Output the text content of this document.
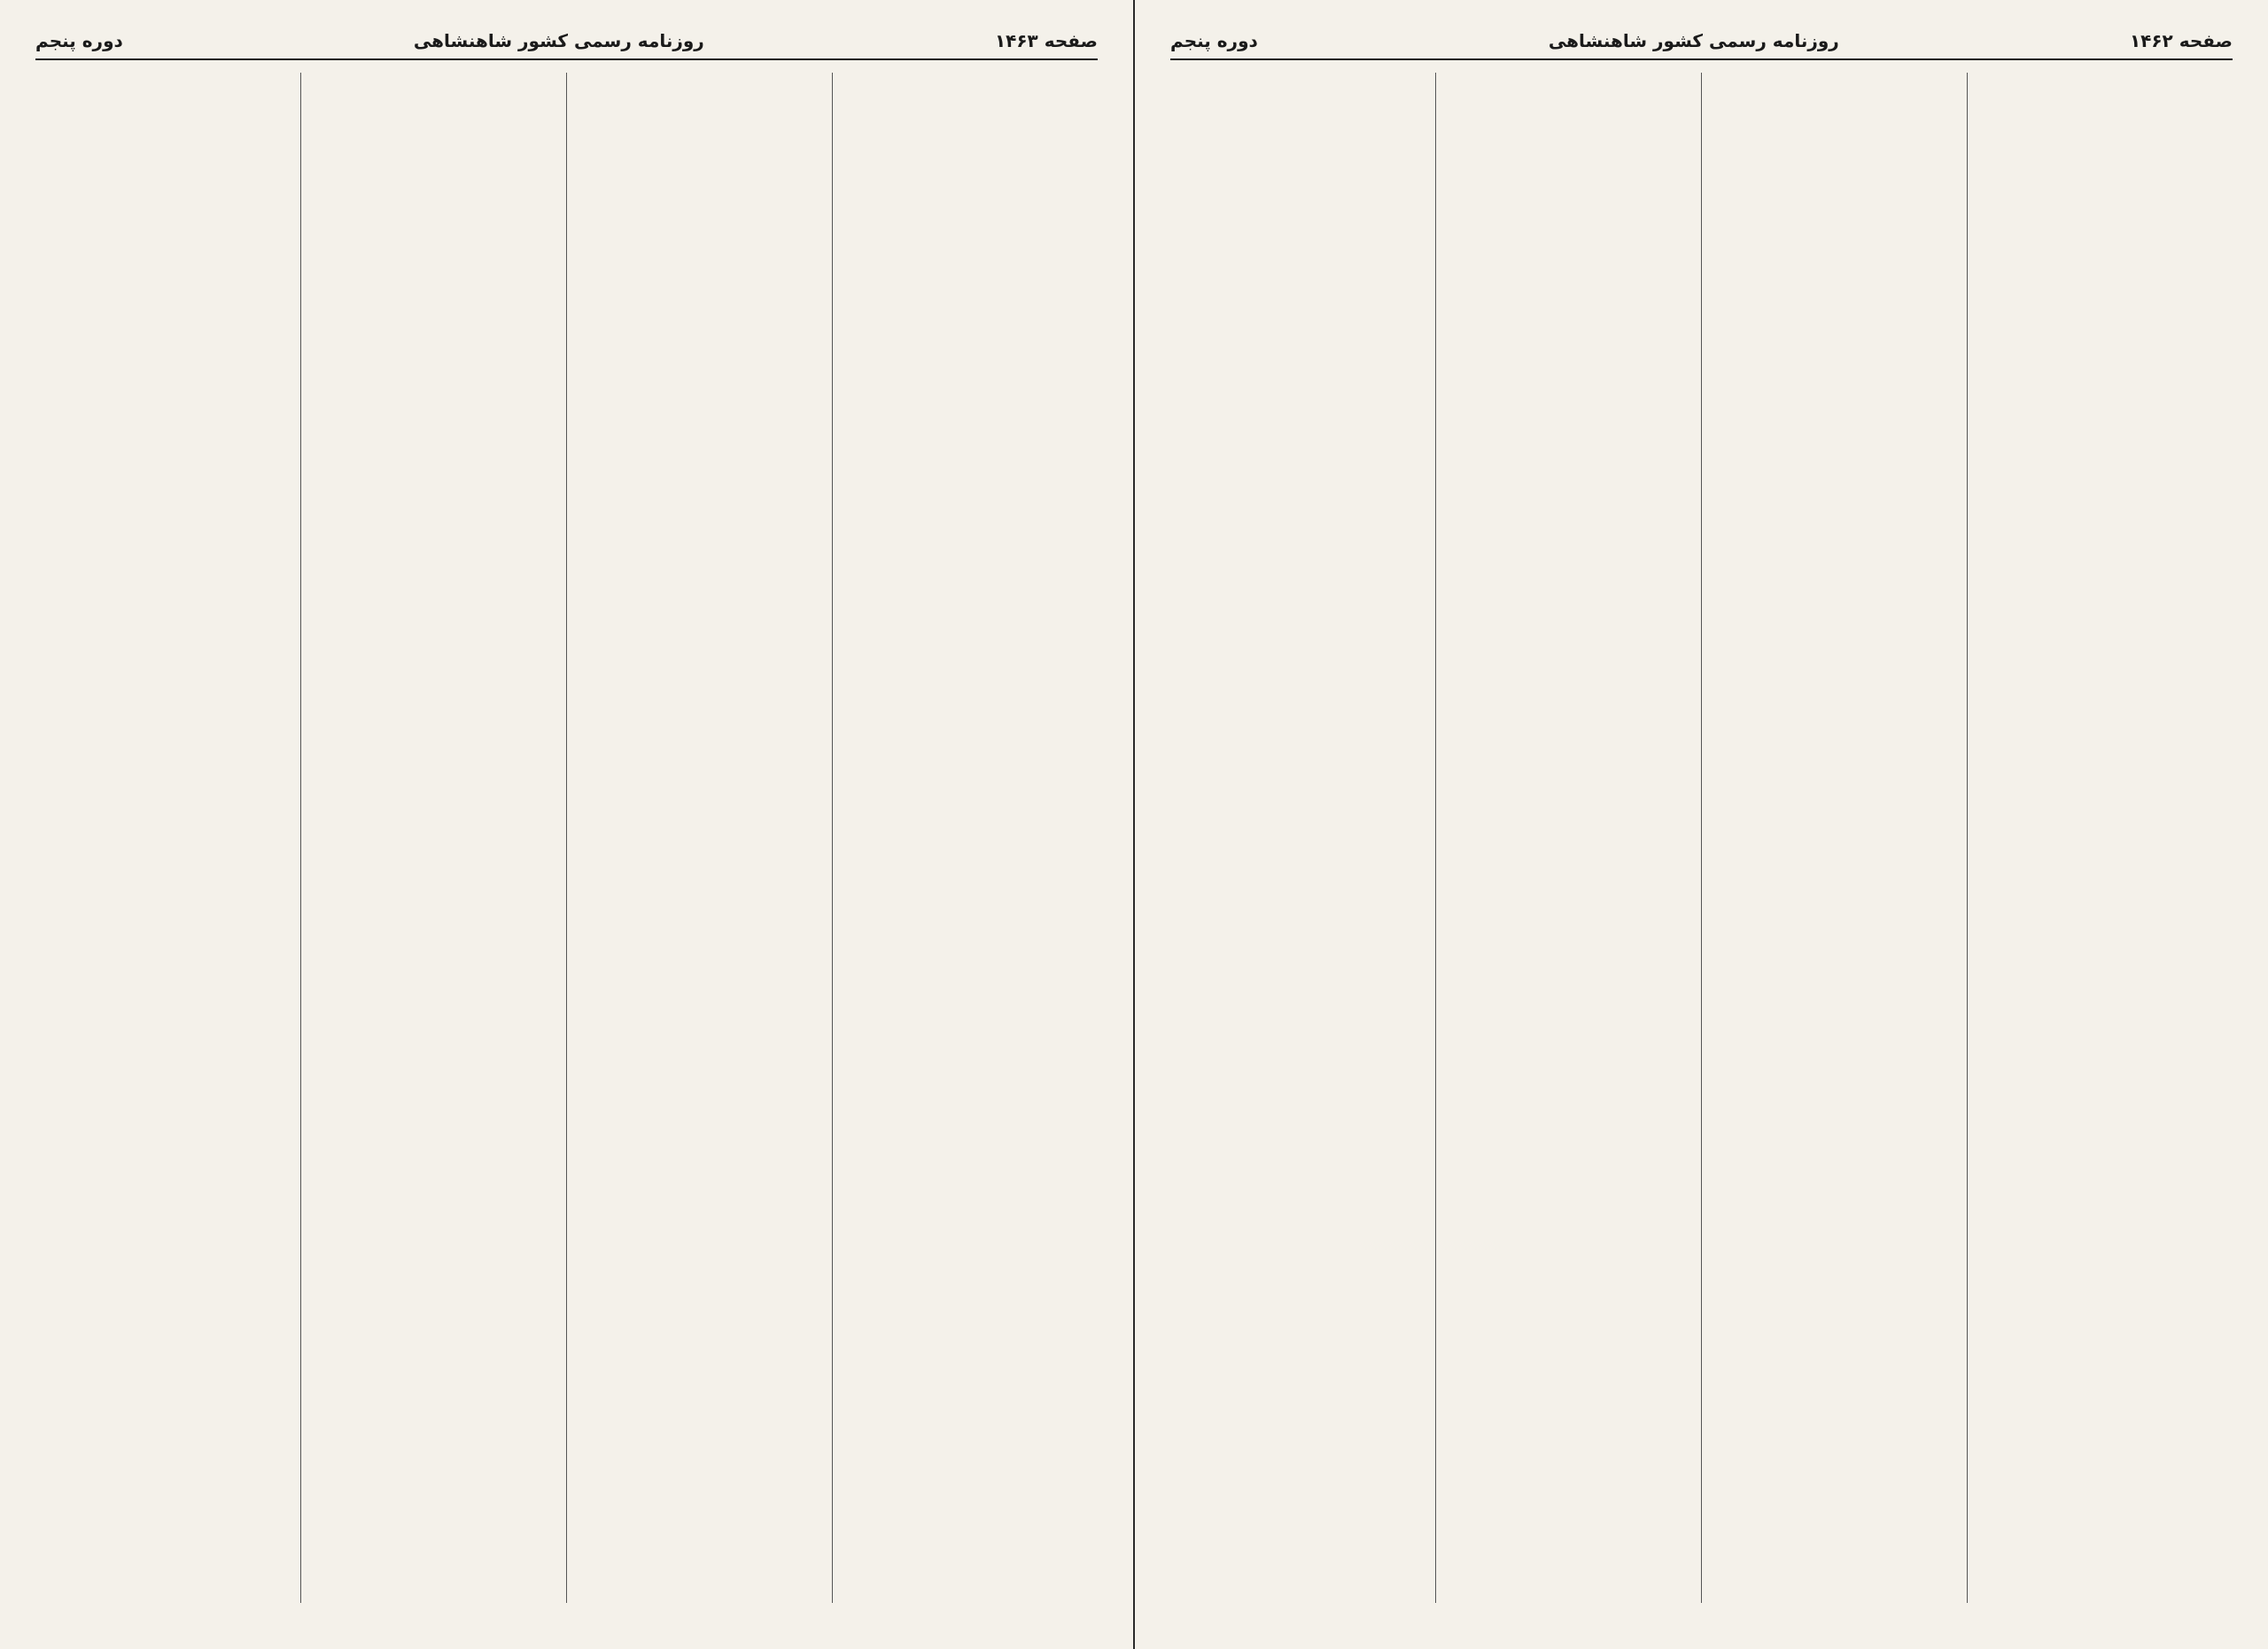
صفحه ۱۴۶۲
روزنامه رسمی کشور شاهنشاهی
دوره پنجم
صفحه ۱۴۶۳
روزنامه رسمی کشور شاهنشاهی
دوره پنجم
